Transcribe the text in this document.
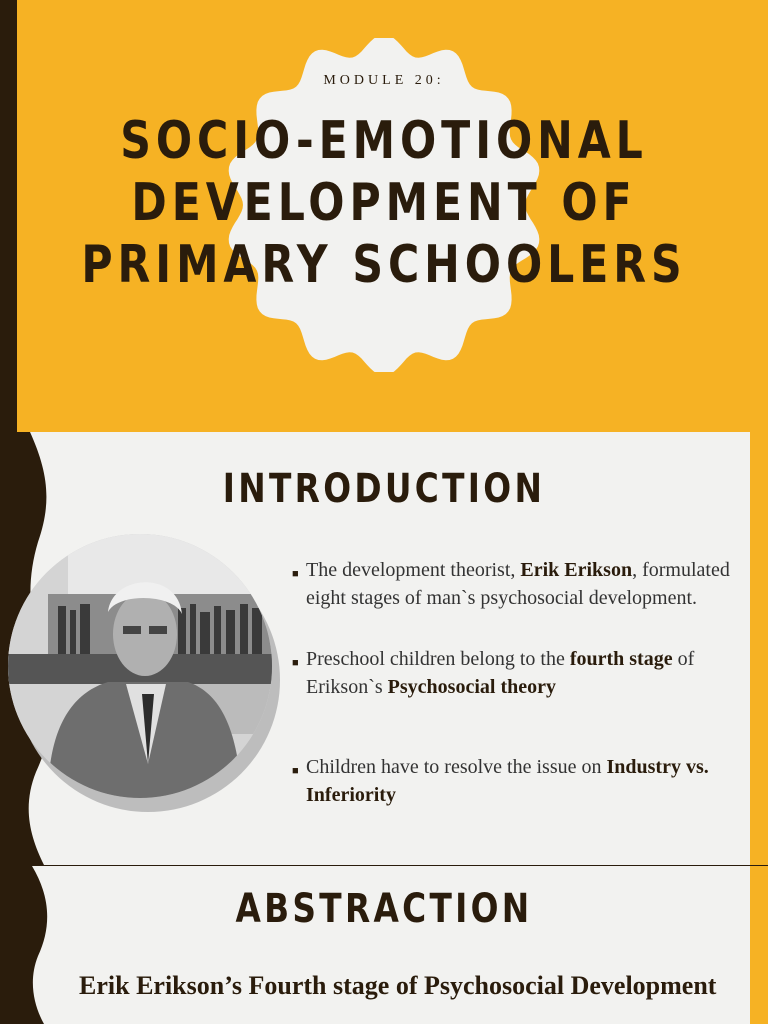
MODULE 20:
SOCIO-EMOTIONAL
DEVELOPMENT OF
PRIMARY SCHOOLERS
INTRODUCTION
■ The development theorist, Erik Erikson, formulated eight stages of man`s psychosocial development.
■ Preschool children belong to the fourth stage of Erikson`s Psychosocial theory
■ Children have to resolve the issue on Industry vs. Inferiority
ABSTRACTION
Erik Erikson’s Fourth stage of Psychosocial Development
